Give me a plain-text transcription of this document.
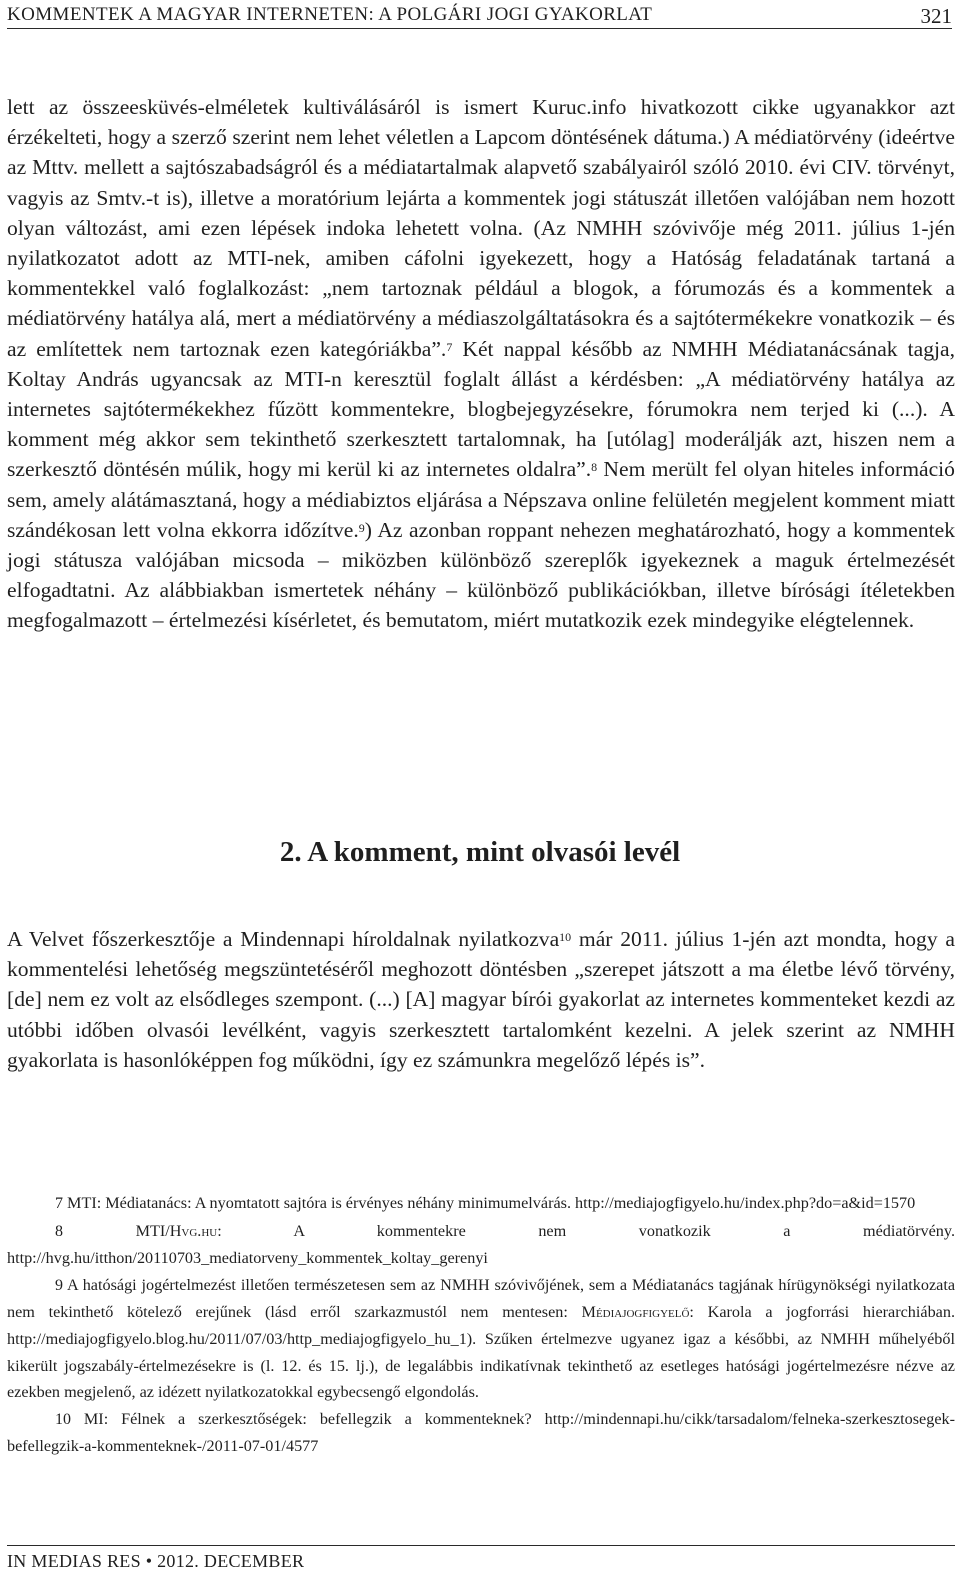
KOMMENTEK A MAGYAR INTERNETEN: A POLGÁRI JOGI GYAKORLAT	321

lett az összeesküvés-elméletek kultiválásáról is ismert Kuruc.info hivatkozott cikke ugyanakkor azt érzékelteti, hogy a szerző szerint nem lehet véletlen a Lapcom döntésének dátuma.) A médiatörvény (ideértve az Mttv. mellett a sajtószabadságról és a médiatartalmak alapvető szabályairól szóló 2010. évi CIV. törvényt, vagyis az Smtv.-t is), illetve a moratórium lejárta a kommentek jogi státuszát illetően valójában nem hozott olyan változást, ami ezen lépések indoka lehetett volna. (Az NMHH szóvivője még 2011. július 1-jén nyilatkozatot adott az MTI-nek, amiben cáfolni igyekezett, hogy a Hatóság feladatának tartaná a kommentekkel való foglalkozást: „nem tartoznak például a blogok, a fórumozás és a kommentek a médiatörvény hatálya alá, mert a médiatörvény a médiaszolgáltatásokra és a sajtótermékekre vonatkozik – és az említettek nem tartoznak ezen kategóriákba”.$^7$ Két nappal később az NMHH Médiatanácsának tagja, Koltay András ugyancsak az MTI-n keresztül foglalt állást a kérdésben: „A médiatörvény hatálya az internetes sajtótermékekhez fűzött kommentekre, blogbejegyzésekre, fórumokra nem terjed ki (...). A komment még akkor sem tekinthető szerkesztett tartalomnak, ha [utólag] moderálják azt, hiszen nem a szerkesztő döntésén múlik, hogy mi kerül ki az internetes oldalra”.$^8$ Nem merült fel olyan hiteles információ sem, amely alátámasztaná, hogy a médiabiztos eljárása a Népszava online felületén megjelent komment miatt szándékosan lett volna ekkorra időzítve.$^9$) Az azonban roppant nehezen meghatározható, hogy a kommentek jogi státusza valójában micsoda – miközben különböző szereplők igyekeznek a maguk értelmezését elfogadtatni. Az alábbiakban ismertetek néhány – különböző publikációkban, illetve bírósági ítéletekben megfogalmazott – értelmezési kísérletet, és bemutatom, miért mutatkozik ezek mindegyike elégtelennek.

2. A komment, mint olvasói levél

A Velvet főszerkesztője a Mindennapi híroldalnak nyilatkozva$^{10}$ már 2011. július 1-jén azt mondta, hogy a kommentelési lehetőség megszüntetéséről meghozott döntésben „szerepet játszott a ma életbe lévő törvény, [de] nem ez volt az elsődleges szempont. (...) [A] magyar bírói gyakorlat az internetes kommenteket kezdi az utóbbi időben olvasói levélként, vagyis szerkesztett tartalomként kezelni. A jelek szerint az NMHH gyakorlata is hasonlóképpen fog működni, így ez számunkra megelőző lépés is”.

7 MTI: Médiatanács: A nyomtatott sajtóra is érvényes néhány minimumelvárás. http://mediajogfigyelo.hu/index.php?do=a&id=1570

8	MTI/Hvg.hu: A kommentekre nem vonatkozik a médiatörvény. http://hvg.hu/itthon/20110703_mediatorveny_kommentek_koltay_gerenyi

9 A hatósági jogértelmezést illetően természetesen sem az NMHH szóvivőjének, sem a Médiatanács tagjának hírügynökségi nyilatkozata nem tekinthető kötelező erejűnek (lásd erről szarkazmustól nem mentesen: Médiajogfigyelő: Karola a jogforrási hierarchiában. http://mediajogfigyelo.blog.hu/2011/07/03/http_mediajogfigyelo_hu_1). Szűken értelmezve ugyanez igaz a későbbi, az NMHH műhelyéből kikerült jogszabály-értelmezésekre is (l. 12. és 15. lj.), de legalábbis indikatívnak tekinthető az esetleges hatósági jogértelmezésre nézve az ezekben megjelenő, az idézett nyilatkozatokkal egybecsengő elgondolás.

10 MI: Félnek a szerkesztőségek: befellegzik a kommenteknek? http://mindennapi.hu/cikk/tarsadalom/felneka-szerkesztosegek-befellegzik-a-kommenteknek-/2011-07-01/4577

IN MEDIAS RES • 2012. DECEMBER
